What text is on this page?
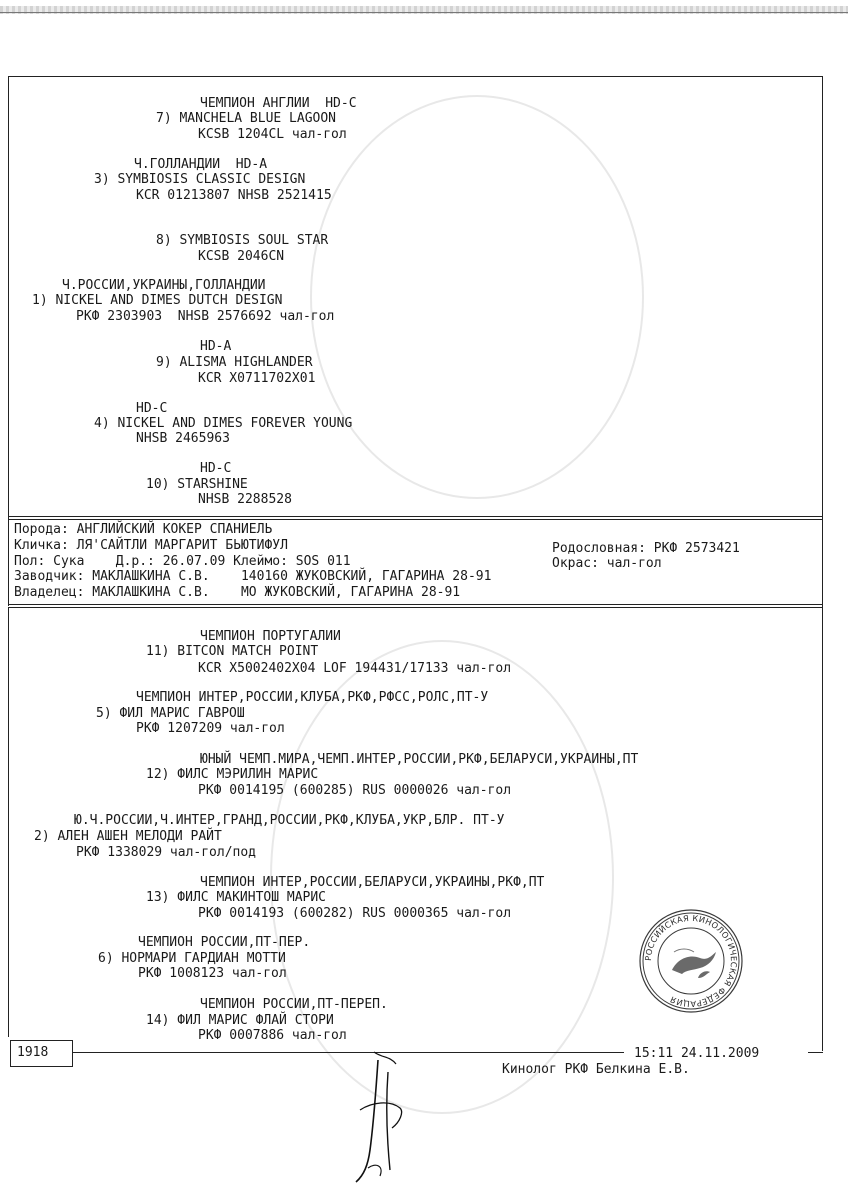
ЧЕМПИОН АНГЛИИ  HD-C
7) MANCHELA BLUE LAGOON
KCSB 1204CL чал-гол
Ч.ГОЛЛАНДИИ  HD-A
3) SYMBIOSIS CLASSIC DESIGN
KCR 01213807 NHSB 2521415
8) SYMBIOSIS SOUL STAR
KCSB 2046CN
Ч.РОССИИ,УКРАИНЫ,ГОЛЛАНДИИ
1) NICKEL AND DIMES DUTCH DESIGN
РКФ 2303903  NHSB 2576692 чал-гол
HD-A
9) ALISMA HIGHLANDER
KCR X0711702X01
HD-C
4) NICKEL AND DIMES FOREVER YOUNG
NHSB 2465963
HD-C
10) STARSHINE
NHSB 2288528
Порода: АНГЛИЙСКИЙ КОКЕР СПАНИЕЛЬ
Кличка: ЛЯ'САЙТЛИ МАРГАРИТ БЬЮТИФУЛ	Родословная: РКФ 2573421
Пол: Сука    Д.р.: 26.07.09 Клеймо: SOS 011	Окрас: чал-гол
Заводчик: МАКЛАШКИНА С.В.    140160 ЖУКОВСКИЙ, ГАГАРИНА 28-91
Владелец: МАКЛАШКИНА С.В.    МО ЖУКОВСКИЙ, ГАГАРИНА 28-91
ЧЕМПИОН ПОРТУГАЛИИ
11) BITCON MATCH POINT
KCR X5002402X04 LOF 194431/17133 чал-гол
ЧЕМПИОН ИНТЕР,РОССИИ,КЛУБА,РКФ,РФСС,РОЛС,ПТ-У
5) ФИЛ МАРИС ГАВРОШ
РКФ 1207209 чал-гол
ЮНЫЙ ЧЕМП.МИРА,ЧЕМП.ИНТЕР,РОССИИ,РКФ,БЕЛАРУСИ,УКРАИНЫ,ПТ
12) ФИЛС МЭРИЛИН МАРИС
РКФ 0014195 (600285) RUS 0000026 чал-гол
Ю.Ч.РОССИИ,Ч.ИНТЕР,ГРАНД,РОССИИ,РКФ,КЛУБА,УКР,БЛР. ПТ-У
2) АЛЕН АШЕН МЕЛОДИ РАЙТ
РКФ 1338029 чал-гол/под
ЧЕМПИОН ИНТЕР,РОССИИ,БЕЛАРУСИ,УКРАИНЫ,РКФ,ПТ
13) ФИЛС МАКИНТОШ МАРИС
РКФ 0014193 (600282) RUS 0000365 чал-гол
ЧЕМПИОН РОССИИ,ПТ-ПЕР.
6) НОРМАРИ ГАРДИАН МОТТИ
РКФ 1008123 чал-гол
ЧЕМПИОН РОССИИ,ПТ-ПЕРЕП.
14) ФИЛ МАРИС ФЛАЙ СТОРИ
РКФ 0007886 чал-гол
1918	15:11 24.11.2009
Кинолог РКФ Белкина Е.В.
РОССИЙСКАЯ КИНОЛОГИЧЕСКАЯ ФЕДЕРАЦИЯ
